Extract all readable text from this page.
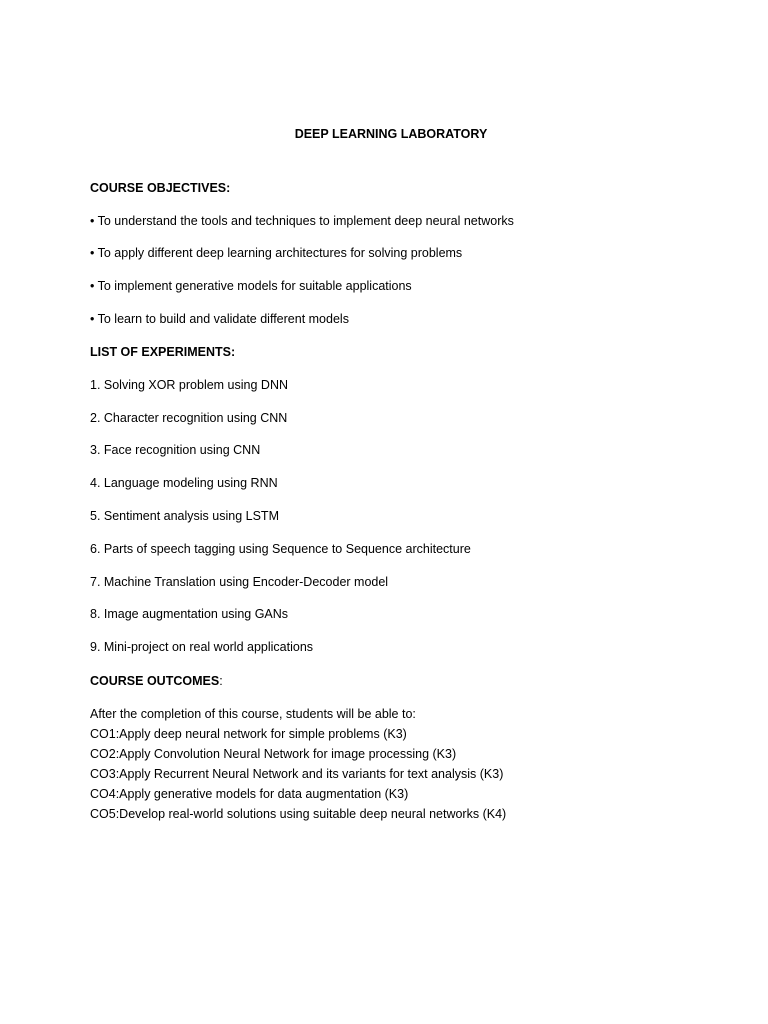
DEEP LEARNING LABORATORY
COURSE OBJECTIVES:
• To understand the tools and techniques to implement deep neural networks
• To apply different deep learning architectures for solving problems
• To implement generative models for suitable applications
• To learn to build and validate different models
LIST OF EXPERIMENTS:
1. Solving XOR problem using DNN
2. Character recognition using CNN
3. Face recognition using CNN
4. Language modeling using RNN
5. Sentiment analysis using LSTM
6. Parts of speech tagging using Sequence to Sequence architecture
7. Machine Translation using Encoder-Decoder model
8. Image augmentation using GANs
9. Mini-project on real world applications
COURSE OUTCOMES:
After the completion of this course, students will be able to:
CO1:Apply deep neural network for simple problems (K3)
CO2:Apply Convolution Neural Network for image processing (K3)
CO3:Apply Recurrent Neural Network and its variants for text analysis (K3)
CO4:Apply generative models for data augmentation (K3)
CO5:Develop real-world solutions using suitable deep neural networks (K4)
